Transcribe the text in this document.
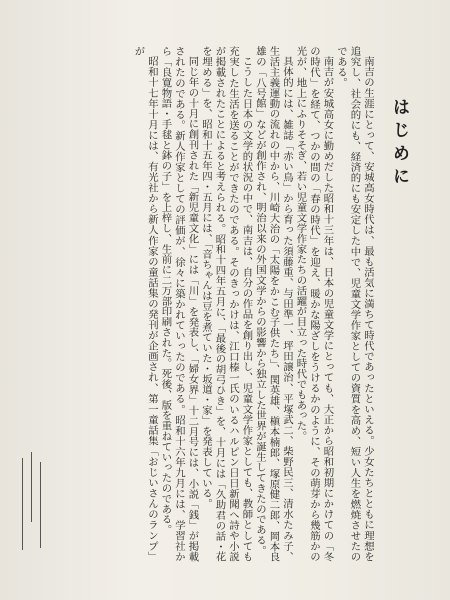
はじめに

南吉の生涯にとって、安城高女時代は、最も活気に満ちて時代であったといえる。少女たちとともに理想を追究し、社会的にも、経済的にも安定した中で、児童文学作家としての資質を高め、短い人生を燃焼させたのである。

南吉が安城高女に勤めだした昭和十三年は、日本の児童文学にとっても、大正から昭和初期にかけての「冬の時代」を経て、つかの間の「春の時代」を迎え、暖かな陽ざしをうけるかのように、その萌芽から幾筋かの光が、地上にふりそそぎ、若い児童文学作家たちの活躍が目立った時代でもあった。

具体的には、雑誌「赤い鳥」から育った須藤重、与田準一、坪田譲治、平塚武二、柴野民三、清水たみ子、生活主義運動の流れの中から、川崎大治の「太陽をかこむ子供たち」、関英雄、槇本楠郎、塚原健二郎、岡本良雄の「八号館」などが創作され、明治以来の外国文学からの影響から独立した世界が誕生してきたのである。

こうした日本の文学的状況の中で、南吉は、自分の作品を創り出し、児童文学作家としても、教師としても充実した生活を送ることができたのである。そのきっかけは、江口榛一氏のいるハルピン日日新聞へ詩や小説が掲載されたことによると考えられる。昭和十四年五月に、「最後の胡弓ひき」を、十月には「久助君の話・花を埋める」を、昭和十五年四・五月には、「音ちゃんは豆を煮ていた・坂道・家」を発表している。

同じ年の十月に創刊された「新児童文化」には「川」を発表し、「婦女界」十二月号には、小説「銭」が掲載されたのである。新人作家としての評価が、徐々に築かれていったのである。昭和十六年九月には、学習社から「良寛物語・手毬と鉢の子」を上梓し、生前に二万部印刷された。死後、版を重ねていったのである。

昭和十七年十月には、有光社から新人作家の童話集の発刊が企画され、第一童話集「おじいさんのランプ」が
